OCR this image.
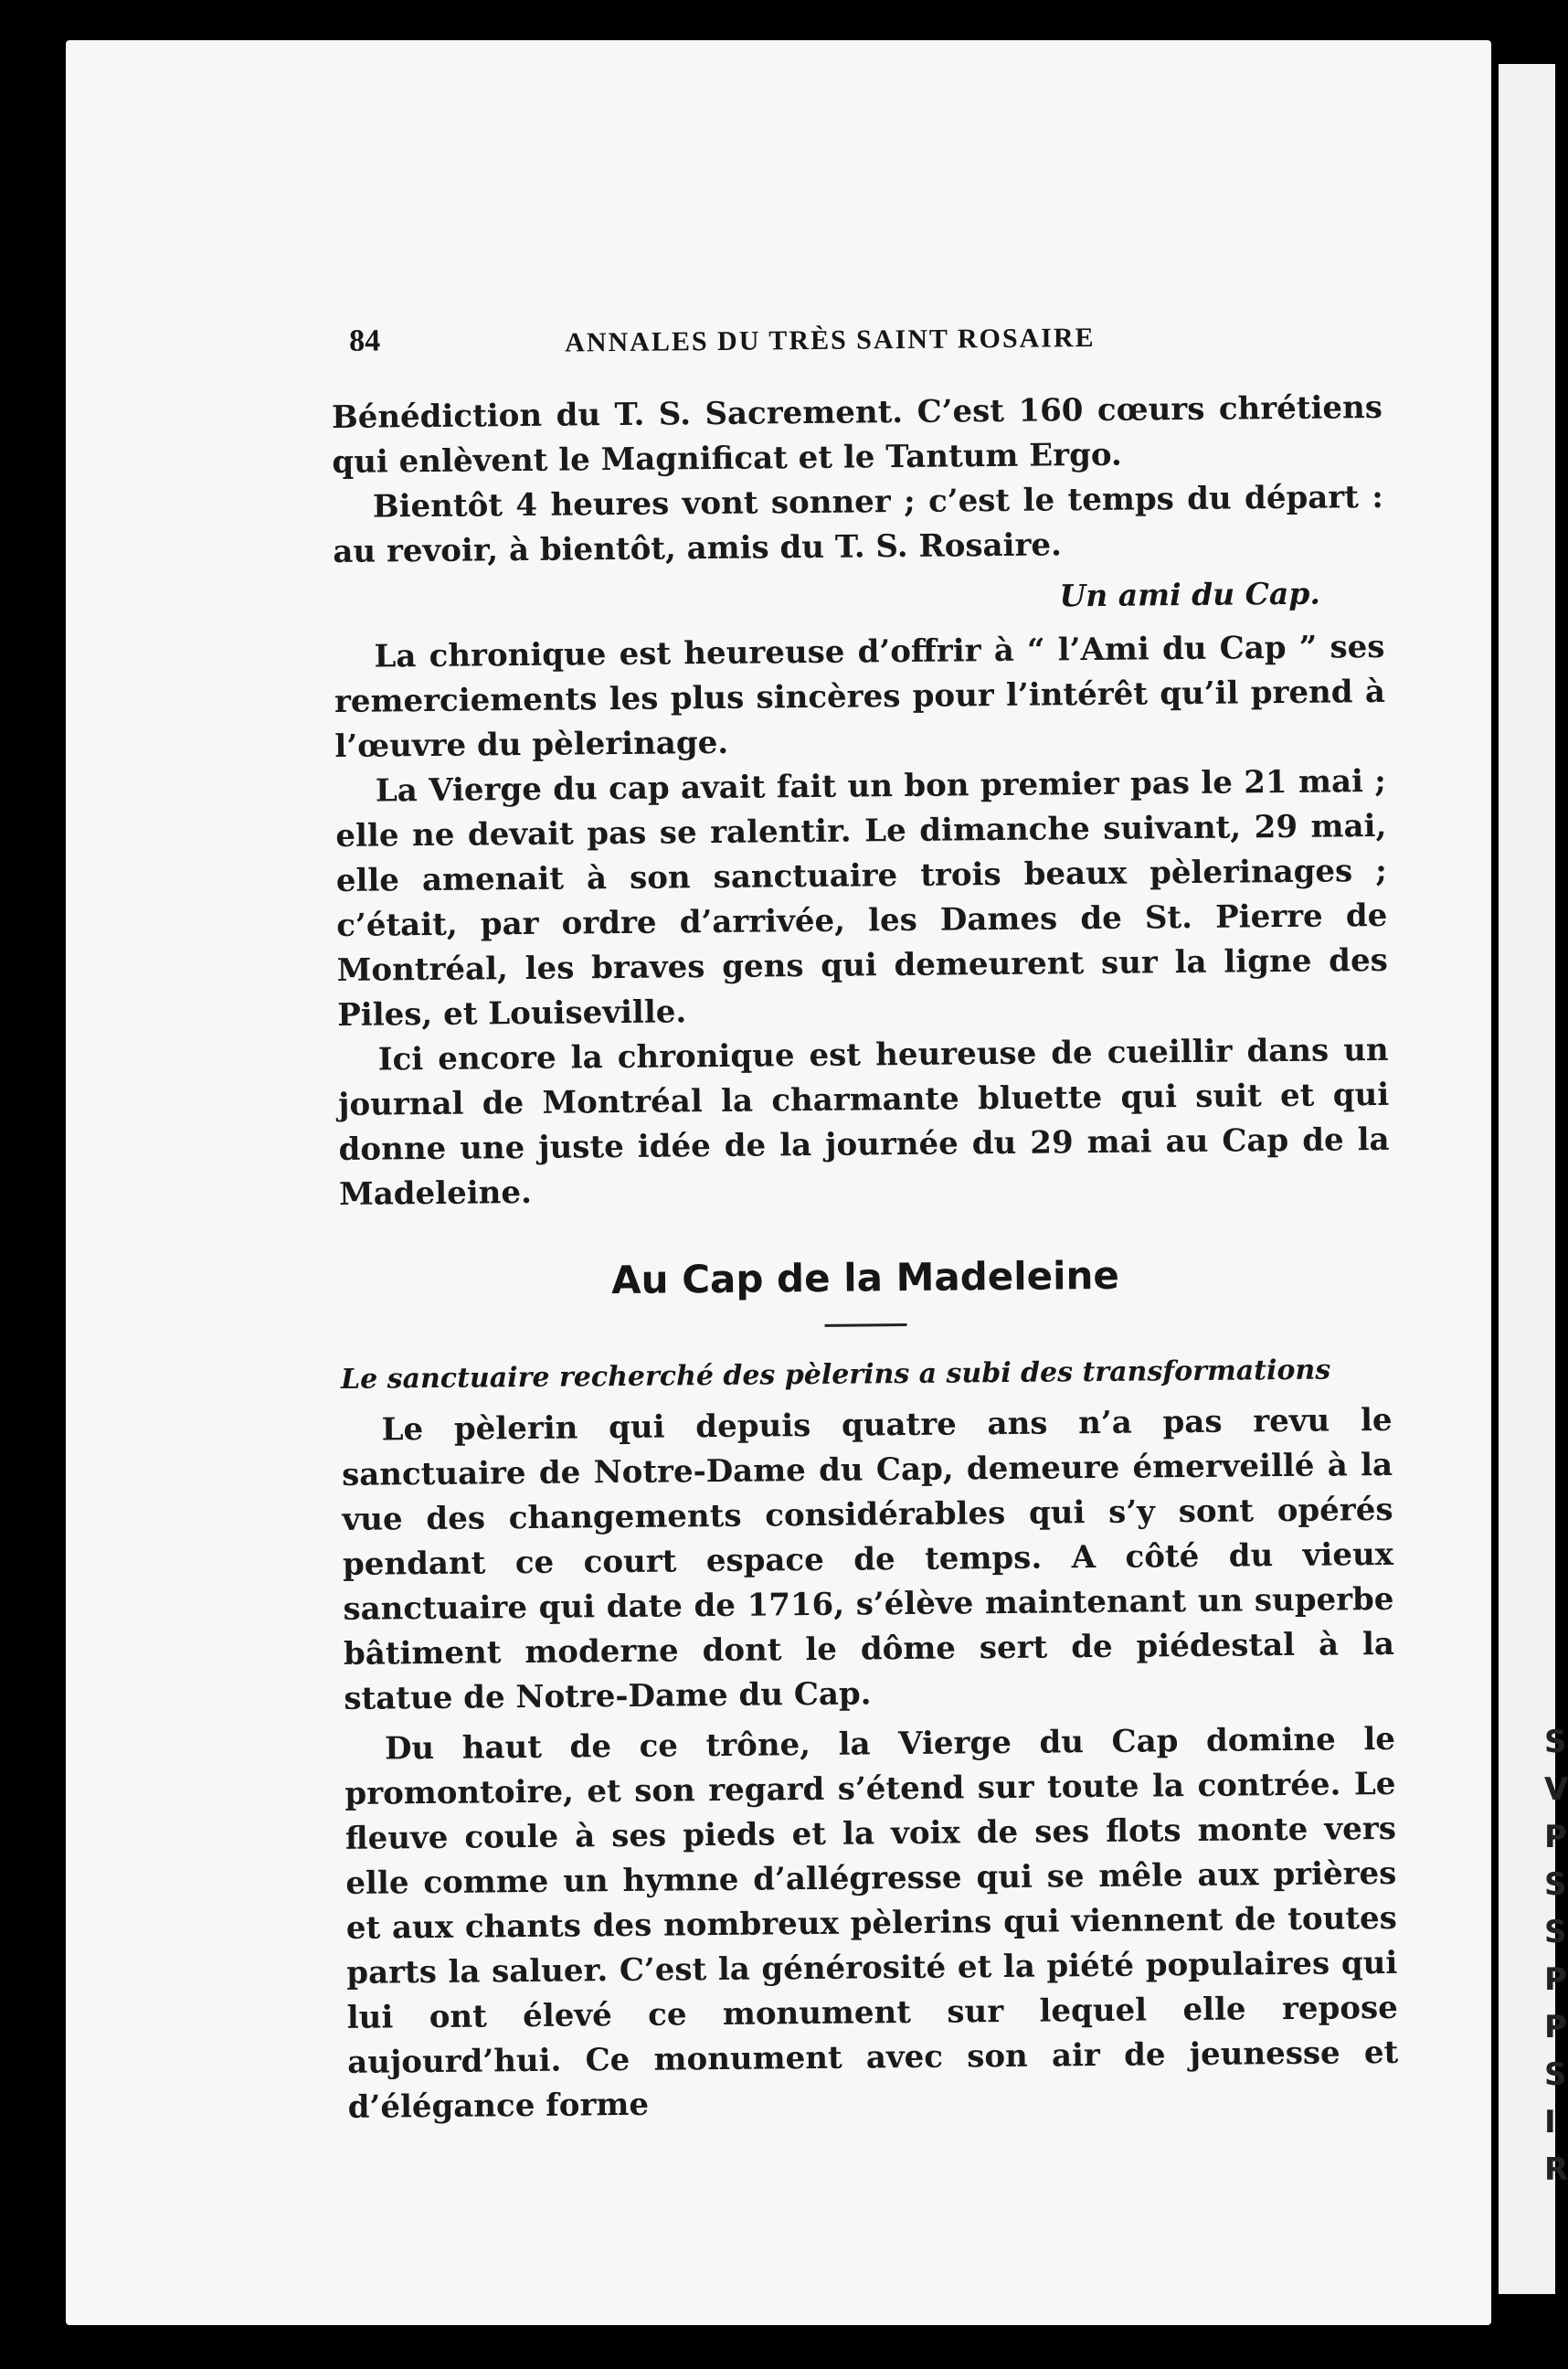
SVPSSPPSIR
84	ANNALES DU TRÈS SAINT ROSAIRE

Bénédiction du T. S. Sacrement. C’est 160 cœurs chrétiens qui enlèvent le Magnificat et le Tantum Ergo.

Bientôt 4 heures vont sonner ; c’est le temps du départ : au revoir, à bientôt, amis du T. S. Rosaire.

Un ami du Cap.

La chronique est heureuse d’offrir à “ l’Ami du Cap ” ses remerciements les plus sincères pour l’intérêt qu’il prend à l’œuvre du pèlerinage.

La Vierge du cap avait fait un bon premier pas le 21 mai ; elle ne devait pas se ralentir. Le dimanche suivant, 29 mai, elle amenait à son sanctuaire trois beaux pèlerinages ; c’était, par ordre d’arrivée, les Dames de St. Pierre de Montréal, les braves gens qui demeurent sur la ligne des Piles, et Louiseville.

Ici encore la chronique est heureuse de cueillir dans un journal de Montréal la charmante bluette qui suit et qui donne une juste idée de la journée du 29 mai au Cap de la Madeleine.

Au Cap de la Madeleine
Le sanctuaire recherché des pèlerins a subi des transformations

Le pèlerin qui depuis quatre ans n’a pas revu le sanctuaire de Notre-Dame du Cap, demeure émerveillé à la vue des changements considérables qui s’y sont opérés pendant ce court espace de temps. A côté du vieux sanctuaire qui date de 1716, s’élève maintenant un superbe bâtiment moderne dont le dôme sert de piédestal à la statue de Notre-Dame du Cap.

Du haut de ce trône, la Vierge du Cap domine le promontoire, et son regard s’étend sur toute la contrée. Le fleuve coule à ses pieds et la voix de ses flots monte vers elle comme un hymne d’allégresse qui se mêle aux prières et aux chants des nombreux pèlerins qui viennent de toutes parts la saluer. C’est la générosité et la piété populaires qui lui ont élevé ce monument sur lequel elle repose aujourd’hui. Ce monument avec son air de jeunesse et d’élégance forme
